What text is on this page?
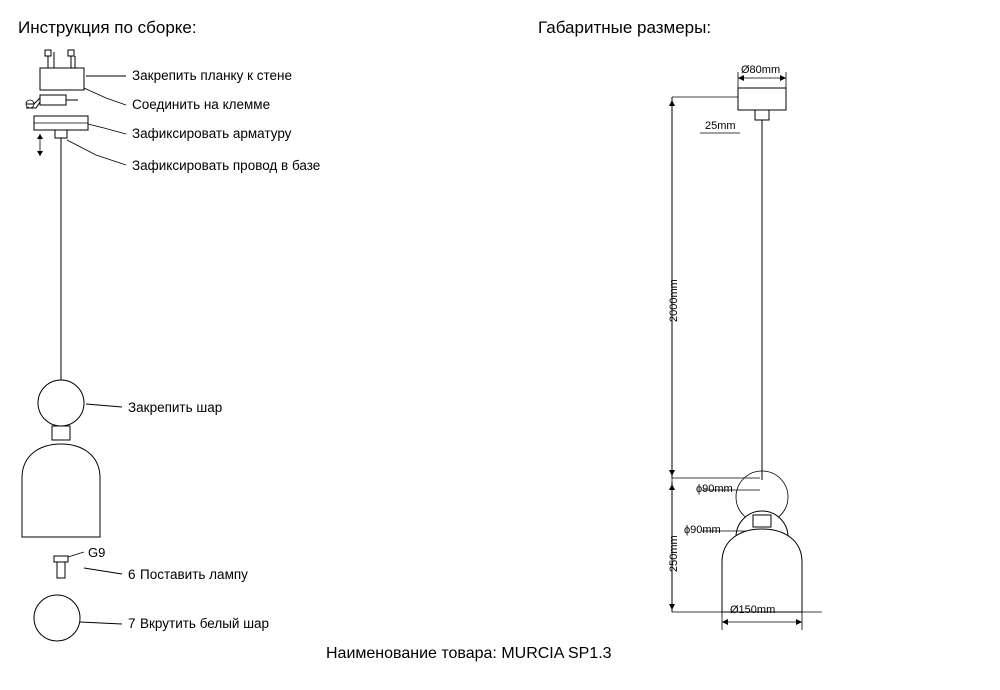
Инструкция по сборке:	Габаритные размеры:
Закрепить планку к стене
Соединить на клемме
Зафиксировать арматуру
Зафиксировать провод в базе
Закрепить шар
6 Поставить лампу
7 Вкрутить белый шар
G9
Ø80mm
25mm
2000mm
250mm
ϕ90mm
ϕ90mm
Ø150mm
Наименование товара: MURCIA SP1.3
